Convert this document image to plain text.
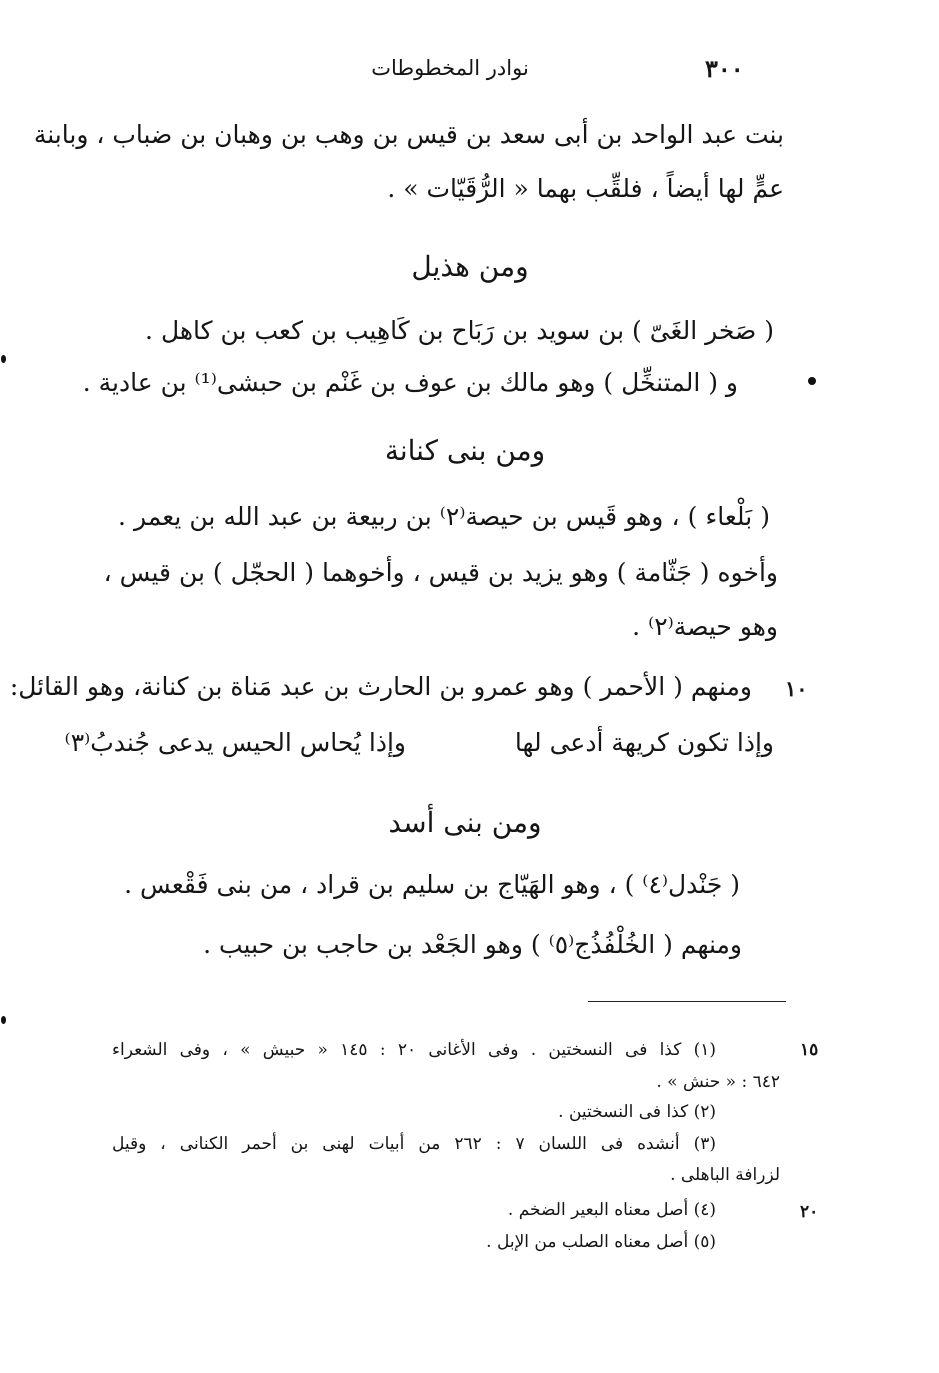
٣٠٠
نوادر المخطوطات
بنت عبد الواحد بن أبى سعد بن قيس بن وهب بن وهبان بن ضباب ، وبابنة
عمٍّ لها أيضاً ، فلقِّب بهما « الرُّقَيّات » .
ومن هذيل
( صَخر الغَىّ ) بن سويد بن رَبَاح بن كَاهِيب بن كعب بن كاهل .
و ( المتنخِّل ) وهو مالك بن عوف بن غَنْم بن حبشى⁽¹⁾ بن عادية .
ومن بنى كنانة
( بَلْعاء ) ، وهو قَيس بن حيصة⁽٢⁾ بن ربيعة بن عبد الله بن يعمر .
وأخوه ( جَثّامة ) وهو يزيد بن قيس ، وأخوهما ( الحجّل ) بن قيس ،
وهو حيصة⁽٢⁾ .
١٠
ومنهم ( الأحمر ) وهو عمرو بن الحارث بن عبد مَناة بن كنانة، وهو القائل:
وإذا تكون كريهة أدعى لها
وإذا يُحاس الحيس يدعى جُندبُ⁽٣⁾
ومن بنى أسد
( جَنْدل⁽٤⁾ ) ، وهو الهَيّاج بن سليم بن قراد ، من بنى فَقْعس .
ومنهم ( الخُلْفُذُج⁽٥⁾ ) وهو الجَعْد بن حاجب بن حبيب .
١٥
(١) كذا فى النسختين . وفى الأغانى ٢٠ : ١٤٥ « حبيش » ، وفى الشعراء
٦٤٢ : « حنش » .
(٢) كذا فى النسختين .
(٣) أنشده فى اللسان ٧ : ٢٦٢ من أبيات لهنى بن أحمر الكنانى ، وقيل
لزرافة الباهلى .
٢٠
(٤) أصل معناه البعير الضخم .
(٥) أصل معناه الصلب من الإبل .
